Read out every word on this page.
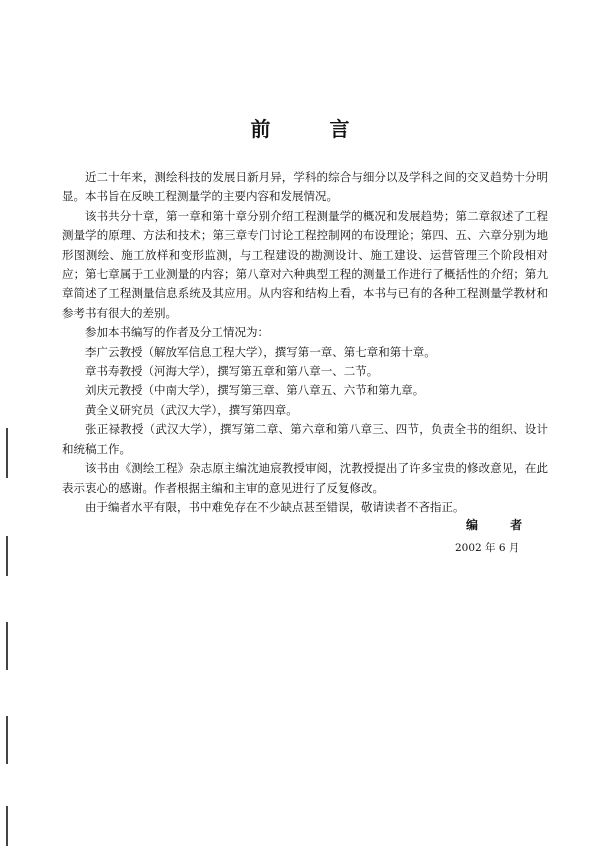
前 言

近二十年来，测绘科技的发展日新月异，学科的综合与细分以及学科之间的交叉趋势十分明显。本书旨在反映工程测量学的主要内容和发展情况。

该书共分十章，第一章和第十章分别介绍工程测量学的概况和发展趋势；第二章叙述了工程测量学的原理、方法和技术；第三章专门讨论工程控制网的布设理论；第四、五、六章分别为地形图测绘、施工放样和变形监测，与工程建设的勘测设计、施工建设、运营管理三个阶段相对应；第七章属于工业测量的内容；第八章对六种典型工程的测量工作进行了概括性的介绍；第九章简述了工程测量信息系统及其应用。从内容和结构上看，本书与已有的各种工程测量学教材和参考书有很大的差别。

参加本书编写的作者及分工情况为：

李广云教授（解放军信息工程大学），撰写第一章、第七章和第十章。

章书寿教授（河海大学），撰写第五章和第八章一、二节。

刘庆元教授（中南大学），撰写第三章、第八章五、六节和第九章。

黄全义研究员（武汉大学），撰写第四章。

张正禄教授（武汉大学），撰写第二章、第六章和第八章三、四节，负责全书的组织、设计和统稿工作。

该书由《测绘工程》杂志原主编沈迪宸教授审阅，沈教授提出了许多宝贵的修改意见，在此表示衷心的感谢。作者根据主编和主审的意见进行了反复修改。

由于编者水平有限，书中难免存在不少缺点甚至错误，敬请读者不吝指正。

编 者
2002 年 6 月
